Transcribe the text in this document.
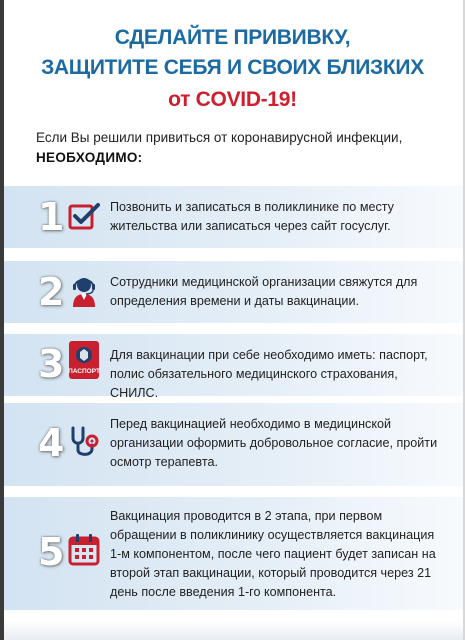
СДЕЛАЙТЕ ПРИВИВКУ,
ЗАЩИТИТЕ СЕБЯ И СВОИХ БЛИЗКИХ
от COVID-19!
Если Вы решили привиться от коронавирусной инфекции,
НЕОБХОДИМО:
1	Позвонить и записаться в поликлинике по месту жительства или записаться через сайт госуслуг.
2	Сотрудники медицинской организации свяжутся для определения времени и даты вакцинации.
3 ПАСПОРТ
Для вакцинации при себе необходимо иметь: паспорт, полис обязательного медицинского страхования, СНИЛС.
4	Перед вакцинацией необходимо в медицинской организации оформить добровольное согласие, пройти осмотр терапевта.
5
Вакцинация проводится в 2 этапа, при первом обращении в поликлинику осуществляется вакцинация 1-м компонентом, после чего пациент будет записан на второй этап вакцинации, который проводится через 21 день после введения 1-го компонента.
